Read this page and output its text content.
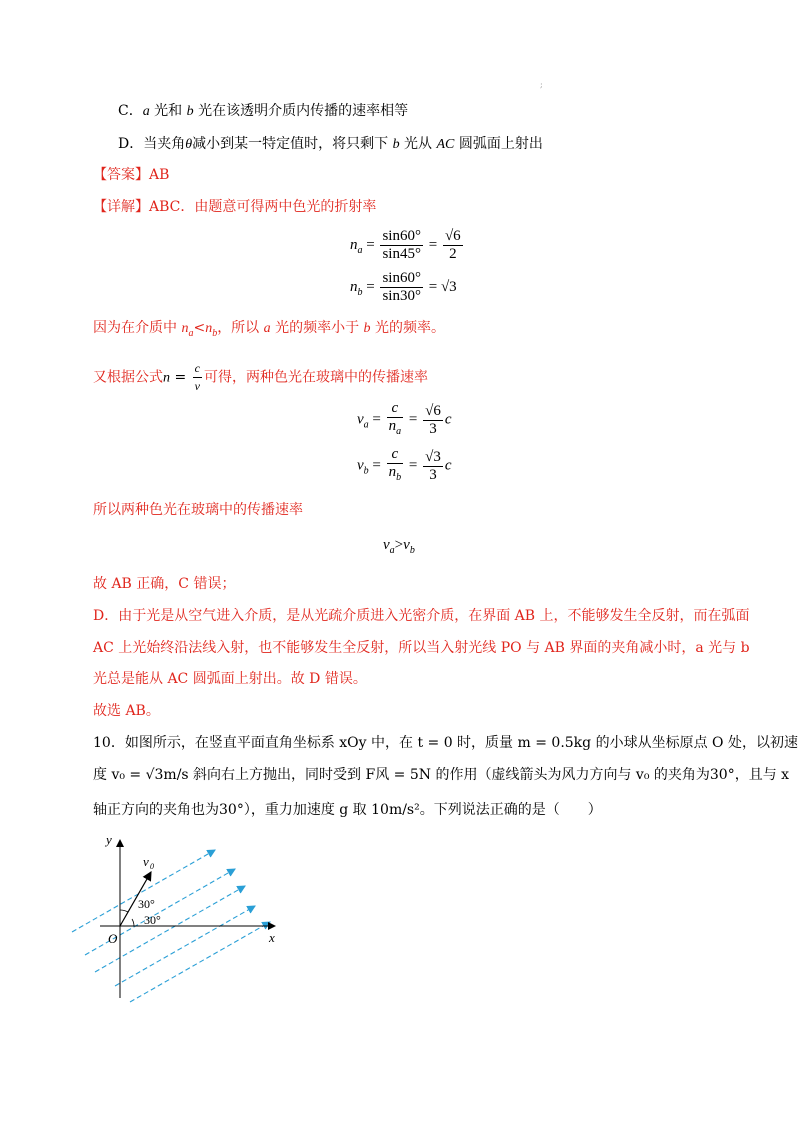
;
C．a 光和 b 光在该透明介质内传播的速率相等
D．当夹角θ减小到某一特定值时，将只剩下 b 光从 AC 圆弧面上射出
【答案】AB
【详解】ABC．由题意可得两中色光的折射率
$n_a = \frac{\sin 60^\circ}{\sin 45^\circ} = \frac{√6}{2}$
$n_b = \frac{\sin 60^\circ}{\sin 30^\circ} = √3$
因为在介质中 $n_a<n_b$，所以 a 光的频率小于 b 光的频率。
又根据公式$n = \frac{c}{v}$ 可得，两种色光在玻璃中的传播速率
$v_a = \frac{c}{n_a} = \frac{√6}{3}$ c
$v_b = \frac{c}{n_b} = \frac{√3}{3}$ c
所以两种色光在玻璃中的传播速率
$v_a>v_b$
故 AB 正确，C 错误；
D．由于光是从空气进入介质，是从光疏介质进入光密介质，在界面 AB 上，不能够发生全反射，而在弧面
AC 上光始终沿法线入射，也不能够发生全反射，所以当入射光线 PO 与 AB 界面的夹角减小时，a 光与 b
光总是能从 AC 圆弧面上射出。故 D 错误。
故选 AB。
10．如图所示，在竖直平面直角坐标系 xOy 中，在 t = 0 时，质量 m = 0.5kg 的小球从坐标原点 O 处，以初速
度 v₀ = √3m/s 斜向右上方抛出，同时受到 F风 = 5N 的作用（虚线箭头为风力方向与 v₀ 的夹角为30°，且与 x
轴正方向的夹角也为30°），重力加速度 g 取 10m/s²。下列说法正确的是（　　）
y
x
O
v 0
30°
30°
